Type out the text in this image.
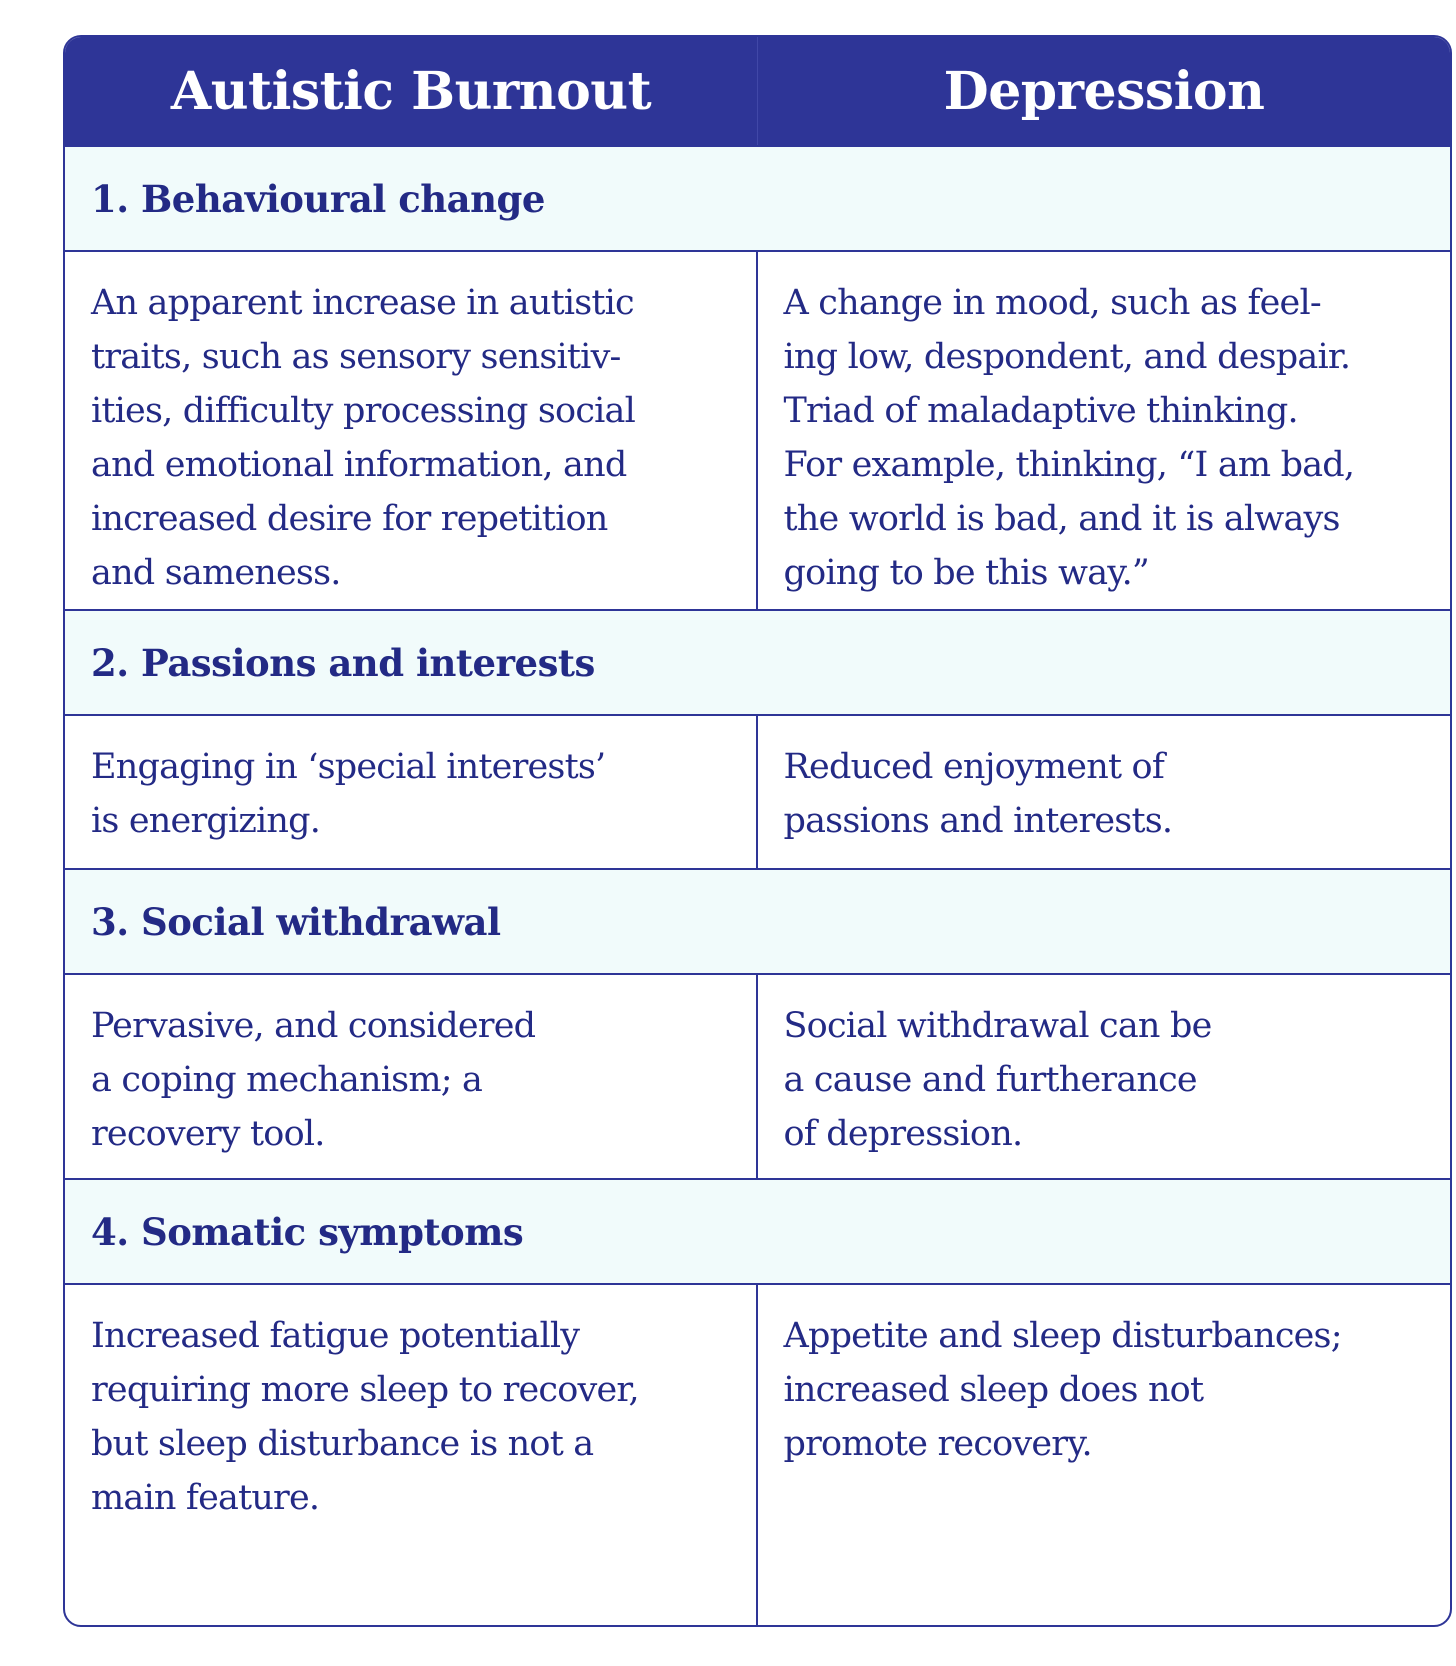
Autistic Burnout	Depression
1. Behavioural change
An apparent increase in autistic
traits, such as sensory sensitiv-
ities, difficulty processing social
and emotional information, and
increased desire for repetition
and sameness.
A change in mood, such as feel-
ing low, despondent, and despair.
Triad of maladaptive thinking.
For example, thinking, “I am bad,
the world is bad, and it is always
going to be this way.”
2. Passions and interests
Engaging in ‘special interests’
is energizing.
Reduced enjoyment of
passions and interests.
3. Social withdrawal
Pervasive, and considered
a coping mechanism; a
recovery tool.
Social withdrawal can be
a cause and furtherance
of depression.
4. Somatic symptoms
Increased fatigue potentially
requiring more sleep to recover,
but sleep disturbance is not a
main feature.
Appetite and sleep disturbances;
increased sleep does not
promote recovery.
